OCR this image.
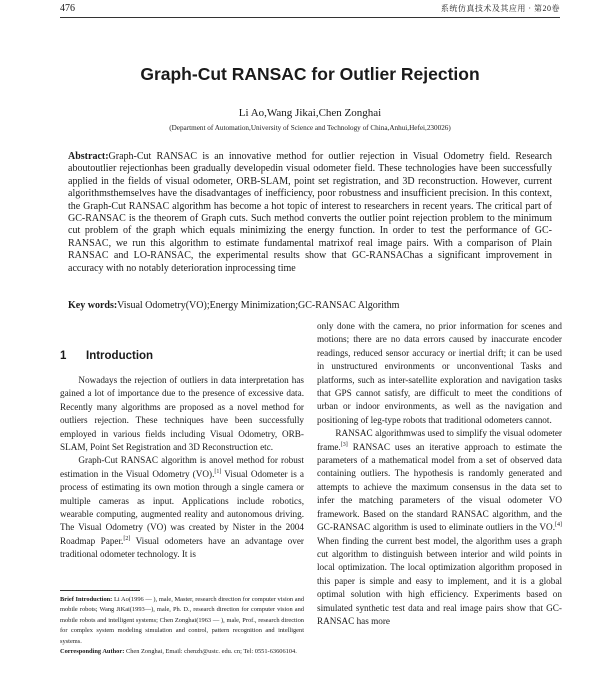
476	系统仿真技术及其应用 · 第20卷
Graph-Cut RANSAC for Outlier Rejection
Li Ao,Wang Jikai,Chen Zonghai
(Department of Automation,University of Science and Technology of China,Anhui,Hefei,230026)
Abstract:Graph-Cut RANSAC is an innovative method for outlier rejection in Visual Odometry field. Research aboutoutlier rejectionhas been gradually developedin visual odometer field. These technologies have been successfully applied in the fields of visual odometer, ORB-SLAM, point set registration, and 3D reconstruction. However, current algorithmsthemselves have the disadvantages of inefficiency, poor robustness and insufficient precision. In this context, the Graph-Cut RANSAC algorithm has become a hot topic of interest to researchers in recent years. The critical part of GC-RANSAC is the theorem of Graph cuts. Such method converts the outlier point rejection problem to the minimum cut problem of the graph which equals minimizing the energy function. In order to test the performance of GC-RANSAC, we run this algorithm to estimate fundamental matrixof real image pairs. With a comparison of Plain RANSAC and LO-RANSAC, the experimental results show that GC-RANSAChas a significant improvement in accuracy with no notably deterioration inprocessing time
Key words:Visual Odometry(VO);Energy Minimization;GC-RANSAC Algorithm
1 Introduction

Nowadays the rejection of outliers in data interpretation has gained a lot of importance due to the presence of excessive data. Recently many algorithms are proposed as a novel method for outliers rejection. These techniques have been successfully employed in various fields including Visual Odometry, ORB-SLAM, Point Set Registration and 3D Reconstruction etc.

Graph-Cut RANSAC algorithm is anovel method for robust estimation in the Visual Odometry (VO).[1] Visual Odometer is a process of estimating its own motion through a single camera or multiple cameras as input. Applications include robotics, wearable computing, augmented reality and autonomous driving. The Visual Odometry (VO) was created by Nister in the 2004 Roadmap Paper.[2] Visual odometers have an advantage over traditional odometer technology. It is

Brief Introduction: Li Ao(1996 — ), male, Master, research direction for computer vision and mobile robots; Wang JiKai(1993—), male, Ph. D., research direction for computer vision and mobile robots and intelligent systems; Chen Zonghai(1963 — ), male, Prof., research direction for complex system modeling simulation and control, pattern recognition and intelligent systems.
Corresponding Author: Chen Zonghai, Email: chenzh@ustc. edu. cn; Tel: 0551-63606104.

only done with the camera, no prior information for scenes and motions; there are no data errors caused by inaccurate encoder readings, reduced sensor accuracy or inertial drift; it can be used in unstructured environments or unconventional Tasks and platforms, such as inter-satellite exploration and navigation tasks that GPS cannot satisfy, are difficult to meet the conditions of urban or indoor environments, as well as the navigation and positioning of leg-type robots that traditional odometers cannot.

RANSAC algorithmwas used to simplify the visual odometer frame.[3] RANSAC uses an iterative approach to estimate the parameters of a mathematical model from a set of observed data containing outliers. The hypothesis is randomly generated and attempts to achieve the maximum consensus in the data set to infer the matching parameters of the visual odometer VO framework. Based on the standard RANSAC algorithm, and the GC-RANSAC algorithm is used to eliminate outliers in the VO.[4] When finding the current best model, the algorithm uses a graph cut algorithm to distinguish between interior and wild points in local optimization. The local optimization algorithm proposed in this paper is simple and easy to implement, and it is a global optimal solution with high efficiency. Experiments based on simulated synthetic test data and real image pairs show that GC-RANSAC has more
